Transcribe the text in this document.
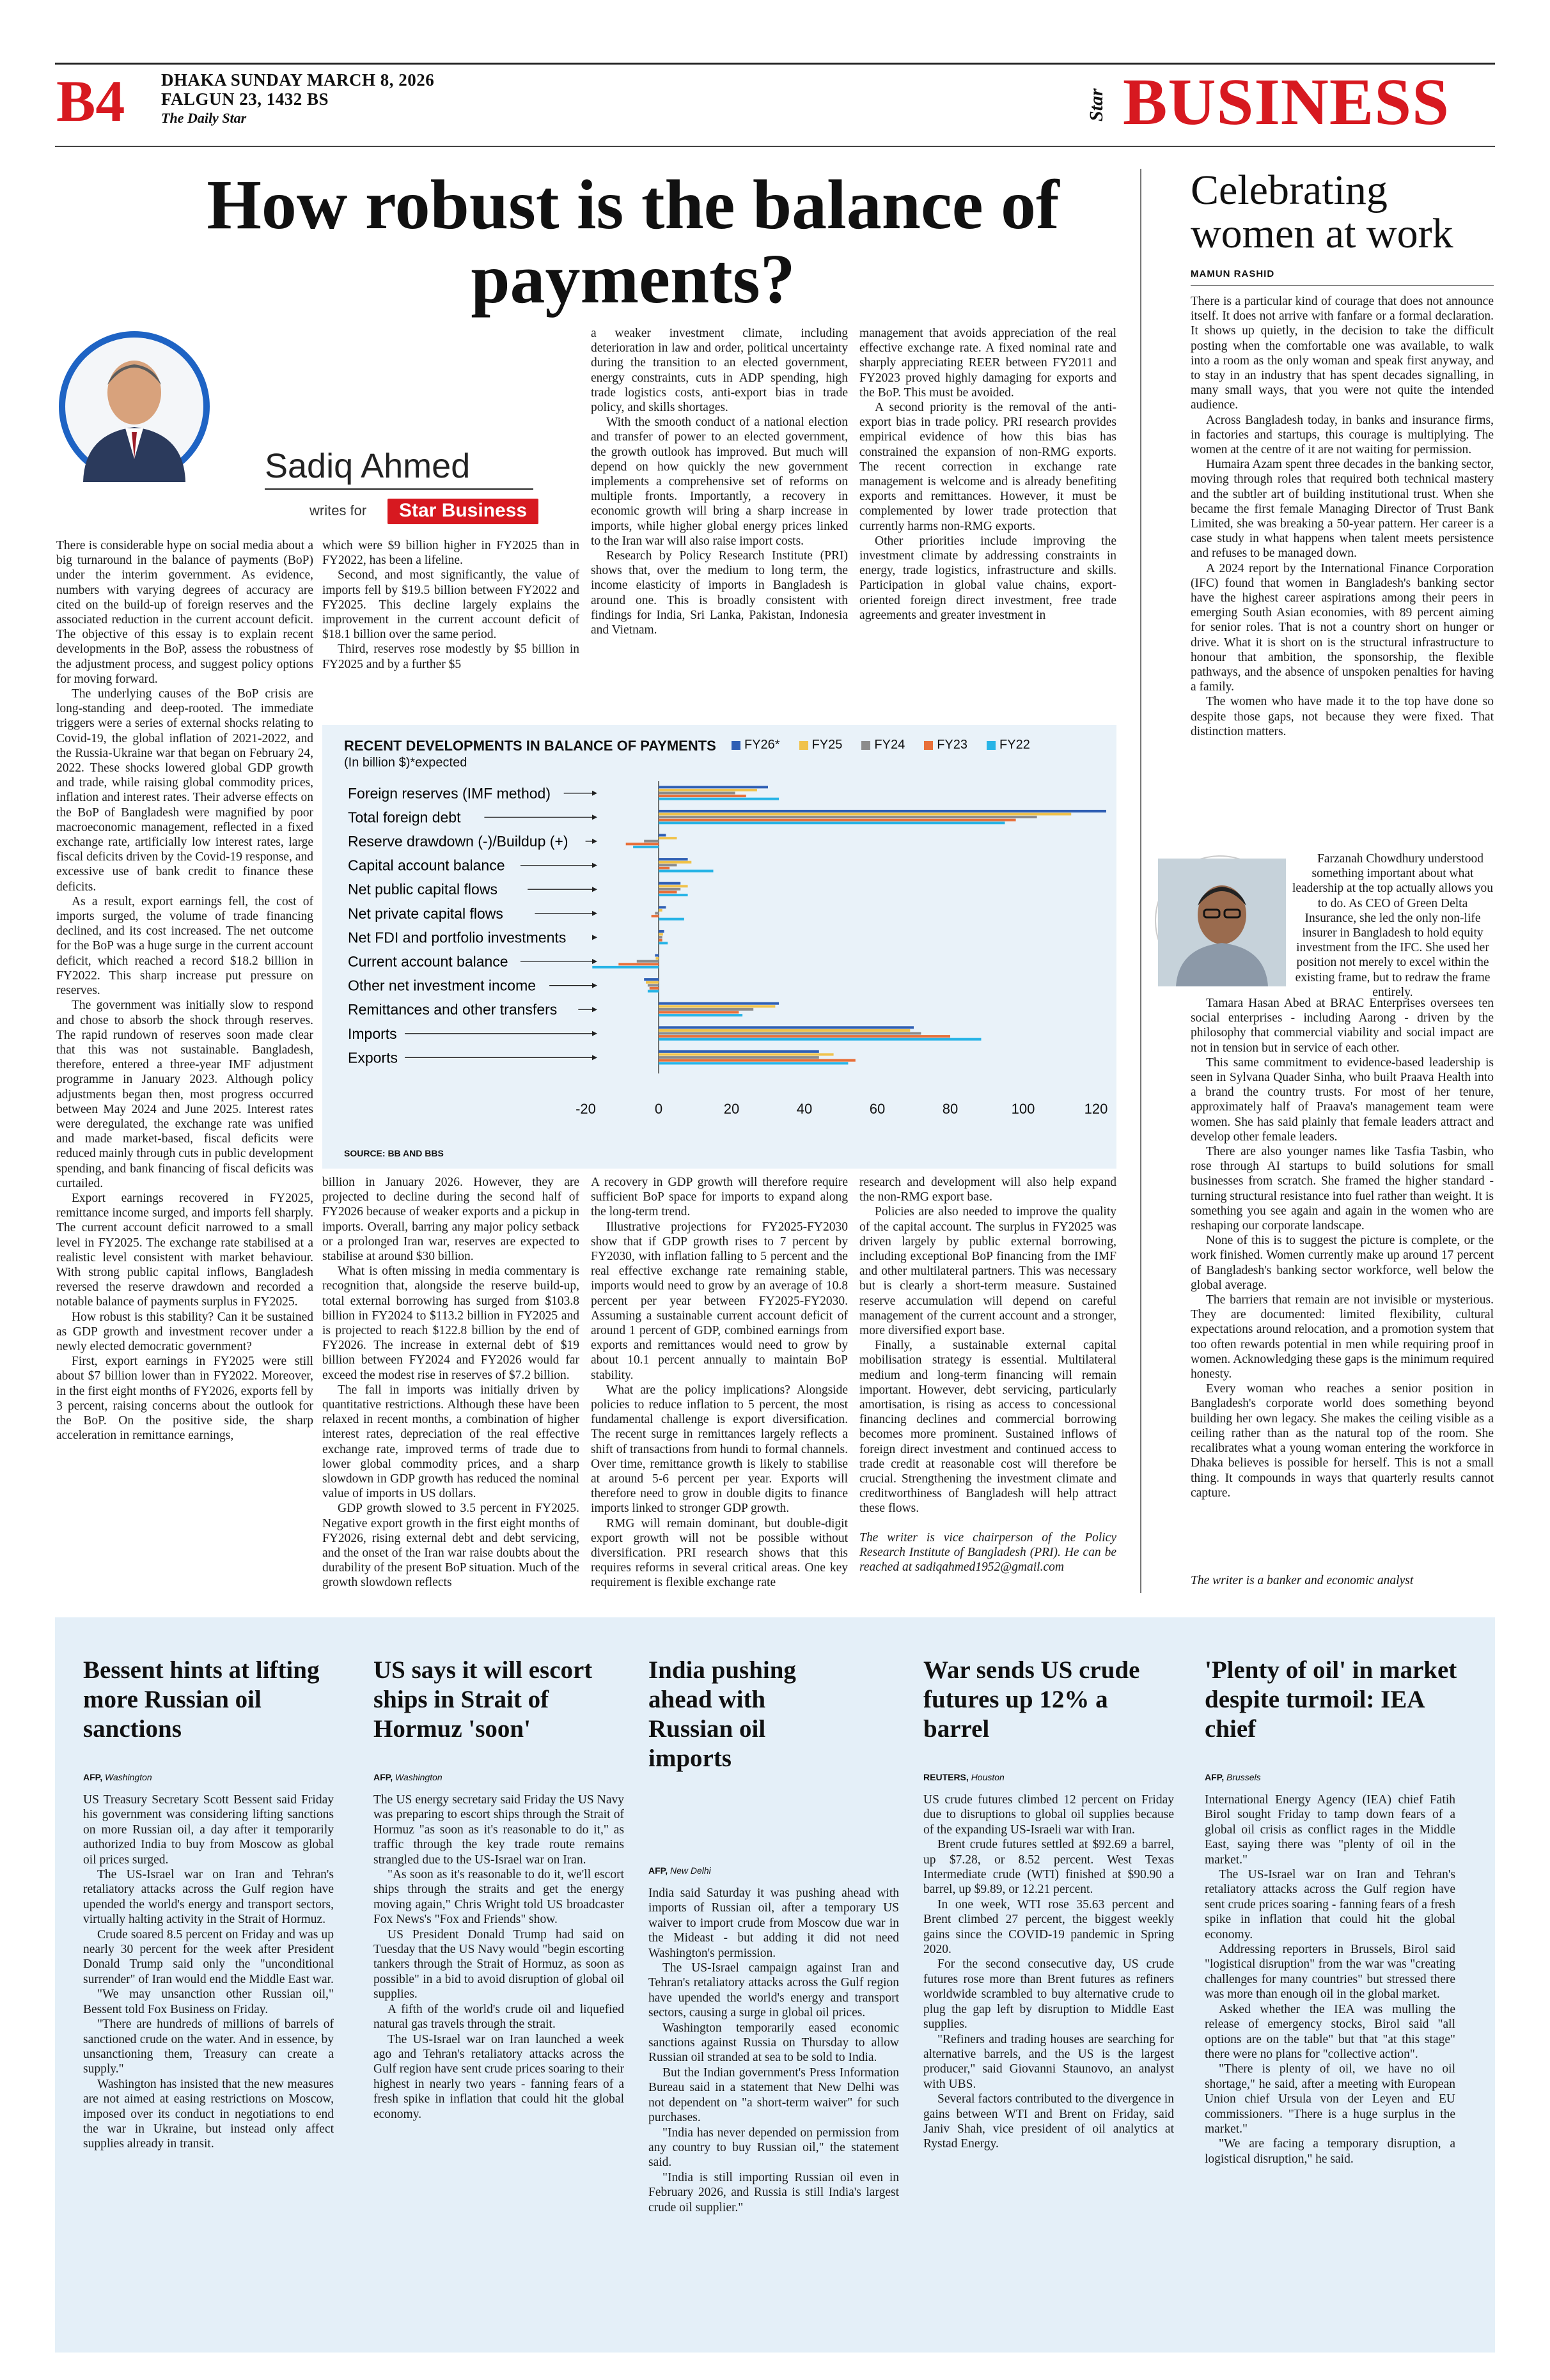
B4 DHAKA SUNDAY MARCH 8, 2026
FALGUN 23, 1432 BS
The Daily Star	Star BUSINESS
How robust is the balance of payments?
Sadiq Ahmed
writes for	Star Business

There is considerable hype on social media about a big turnaround in the balance of payments (BoP) under the interim government. As evidence, numbers with varying degrees of accuracy are cited on the build-up of foreign reserves and the associated reduction in the current account deficit. The objective of this essay is to explain recent developments in the BoP, assess the robustness of the adjustment process, and suggest policy options for moving forward.

The underlying causes of the BoP crisis are long-standing and deep-rooted. The immediate triggers were a series of external shocks relating to Covid-19, the global inflation of 2021-2022, and the Russia-Ukraine war that began on February 24, 2022. These shocks lowered global GDP growth and trade, while raising global commodity prices, inflation and interest rates. Their adverse effects on the BoP of Bangladesh were magnified by poor macroeconomic management, reflected in a fixed exchange rate, artificially low interest rates, large fiscal deficits driven by the Covid-19 response, and excessive use of bank credit to finance these deficits.

As a result, export earnings fell, the cost of imports surged, the volume of trade financing declined, and its cost increased. The net outcome for the BoP was a huge surge in the current account deficit, which reached a record $18.2 billion in FY2022. This sharp increase put pressure on reserves.

The government was initially slow to respond and chose to absorb the shock through reserves. The rapid rundown of reserves soon made clear that this was not sustainable. Bangladesh, therefore, entered a three-year IMF adjustment programme in January 2023. Although policy adjustments began then, most progress occurred between May 2024 and June 2025. Interest rates were deregulated, the exchange rate was unified and made market-based, fiscal deficits were reduced mainly through cuts in public development spending, and bank financing of fiscal deficits was curtailed.

Export earnings recovered in FY2025, remittance income surged, and imports fell sharply. The current account deficit narrowed to a small level in FY2025. The exchange rate stabilised at a realistic level consistent with market behaviour. With strong public capital inflows, Bangladesh reversed the reserve drawdown and recorded a notable balance of payments surplus in FY2025.

How robust is this stability? Can it be sustained as GDP growth and investment recover under a newly elected democratic government?

First, export earnings in FY2025 were still about $7 billion lower than in FY2022. Moreover, in the first eight months of FY2026, exports fell by 3 percent, raising concerns about the outlook for the BoP. On the positive side, the sharp acceleration in remittance earnings,

which were $9 billion higher in FY2025 than in FY2022, has been a lifeline.

Second, and most significantly, the value of imports fell by $19.5 billion between FY2022 and FY2025. This decline largely explains the improvement in the current account deficit of $18.1 billion over the same period.

Third, reserves rose modestly by $5 billion in FY2025 and by a further $5

a weaker investment climate, including deterioration in law and order, political uncertainty during the transition to an elected government, energy constraints, cuts in ADP spending, high trade logistics costs, anti-export bias in trade policy, and skills shortages.

With the smooth conduct of a national election and transfer of power to an elected government, the growth outlook has improved. But much will depend on how quickly the new government implements a comprehensive set of reforms on multiple fronts. Importantly, a recovery in economic growth will bring a sharp increase in imports, while higher global energy prices linked to the Iran war will also raise import costs.

Research by Policy Research Institute (PRI) shows that, over the medium to long term, the income elasticity of imports in Bangladesh is around one. This is broadly consistent with findings for India, Sri Lanka, Pakistan, Indonesia and Vietnam.

management that avoids appreciation of the real effective exchange rate. A fixed nominal rate and sharply appreciating REER between FY2011 and FY2023 proved highly damaging for exports and the BoP. This must be avoided.

A second priority is the removal of the anti-export bias in trade policy. PRI research provides empirical evidence of how this bias has constrained the expansion of non-RMG exports. The recent correction in exchange rate management is welcome and is already benefiting exports and remittances. However, it must be complemented by lower trade protection that currently harms non-RMG exports.

Other priorities include improving the investment climate by addressing constraints in energy, trade logistics, infrastructure and skills. Participation in global value chains, export-oriented foreign direct investment, free trade agreements and greater investment in

RECENT DEVELOPMENTS IN BALANCE OF PAYMENTS
(In billion $)*expected
FY26*	FY25	FY24	FY23	FY22
Foreign reserves (IMF method)
Total foreign debt
Reserve drawdown (-)/Buildup (+)
Capital account balance
Net public capital flows
Net private capital flows
Net FDI and portfolio investments
Current account balance
Other net investment income
Remittances and other transfers
Imports
Exports
-20	0	20	40	60	80	100	120
SOURCE: BB AND BBS

billion in January 2026. However, they are projected to decline during the second half of FY2026 because of weaker exports and a pickup in imports. Overall, barring any major policy setback or a prolonged Iran war, reserves are expected to stabilise at around $30 billion.

What is often missing in media commentary is recognition that, alongside the reserve build-up, total external borrowing has surged from $103.8 billion in FY2024 to $113.2 billion in FY2025 and is projected to reach $122.8 billion by the end of FY2026. The increase in external debt of $19 billion between FY2024 and FY2026 would far exceed the modest rise in reserves of $7.2 billion.

The fall in imports was initially driven by quantitative restrictions. Although these have been relaxed in recent months, a combination of higher interest rates, depreciation of the real effective exchange rate, improved terms of trade due to lower global commodity prices, and a sharp slowdown in GDP growth has reduced the nominal value of imports in US dollars.

GDP growth slowed to 3.5 percent in FY2025. Negative export growth in the first eight months of FY2026, rising external debt and debt servicing, and the onset of the Iran war raise doubts about the durability of the present BoP situation. Much of the growth slowdown reflects

A recovery in GDP growth will therefore require sufficient BoP space for imports to expand along the long-term trend.

Illustrative projections for FY2025-FY2030 show that if GDP growth rises to 7 percent by FY2030, with inflation falling to 5 percent and the real effective exchange rate remaining stable, imports would need to grow by an average of 10.8 percent per year between FY2025-FY2030. Assuming a sustainable current account deficit of around 1 percent of GDP, combined earnings from exports and remittances would need to grow by about 10.1 percent annually to maintain BoP stability.

What are the policy implications? Alongside policies to reduce inflation to 5 percent, the most fundamental challenge is export diversification. The recent surge in remittances largely reflects a shift of transactions from hundi to formal channels. Over time, remittance growth is likely to stabilise at around 5-6 percent per year. Exports will therefore need to grow in double digits to finance imports linked to stronger GDP growth.

RMG will remain dominant, but double-digit export growth will not be possible without diversification. PRI research shows that this requires reforms in several critical areas. One key requirement is flexible exchange rate

research and development will also help expand the non-RMG export base.

Policies are also needed to improve the quality of the capital account. The surplus in FY2025 was driven largely by public external borrowing, including exceptional BoP financing from the IMF and other multilateral partners. This was necessary but is clearly a short-term measure. Sustained reserve accumulation will depend on careful management of the current account and a stronger, more diversified export base.

Finally, a sustainable external capital mobilisation strategy is essential. Multilateral medium and long-term financing will remain important. However, debt servicing, particularly amortisation, is rising as access to concessional financing declines and commercial borrowing becomes more prominent. Sustained inflows of foreign direct investment and continued access to trade credit at reasonable cost will therefore be crucial. Strengthening the investment climate and creditworthiness of Bangladesh will help attract these flows.

The writer is vice chairperson of the Policy Research Institute of Bangladesh (PRI). He can be reached at sadiqahmed1952@gmail.com

Celebrating women at work
MAMUN RASHID

There is a particular kind of courage that does not announce itself. It does not arrive with fanfare or a formal declaration. It shows up quietly, in the decision to take the difficult posting when the comfortable one was available, to walk into a room as the only woman and speak first anyway, and to stay in an industry that has spent decades signalling, in many small ways, that you were not quite the intended audience.

Across Bangladesh today, in banks and insurance firms, in factories and startups, this courage is multiplying. The women at the centre of it are not waiting for permission.

Humaira Azam spent three decades in the banking sector, moving through roles that required both technical mastery and the subtler art of building institutional trust. When she became the first female Managing Director of Trust Bank Limited, she was breaking a 50-year pattern. Her career is a case study in what happens when talent meets persistence and refuses to be managed down.

A 2024 report by the International Finance Corporation (IFC) found that women in Bangladesh's banking sector have the highest career aspirations among their peers in emerging South Asian economies, with 89 percent aiming for senior roles. That is not a country short on hunger or drive. What it is short on is the structural infrastructure to honour that ambition, the sponsorship, the flexible pathways, and the absence of unspoken penalties for having a family.

The women who have made it to the top have done so despite those gaps, not because they were fixed. That distinction matters.

Farzanah Chowdhury understood something important about what leadership at the top actually allows you to do. As CEO of Green Delta Insurance, she led the only non-life insurer in Bangladesh to hold equity investment from the IFC. She used her position not merely to excel within the existing frame, but to redraw the frame entirely.

Tamara Hasan Abed at BRAC Enterprises oversees ten social enterprises - including Aarong - driven by the philosophy that commercial viability and social impact are not in tension but in service of each other.

This same commitment to evidence-based leadership is seen in Sylvana Quader Sinha, who built Praava Health into a brand the country trusts. For most of her tenure, approximately half of Praava's management team were women. She has said plainly that female leaders attract and develop other female leaders.

There are also younger names like Tasfia Tasbin, who rose through AI startups to build solutions for small businesses from scratch. She framed the higher standard - turning structural resistance into fuel rather than weight. It is something you see again and again in the women who are reshaping our corporate landscape.

None of this is to suggest the picture is complete, or the work finished. Women currently make up around 17 percent of Bangladesh's banking sector workforce, well below the global average.

The barriers that remain are not invisible or mysterious. They are documented: limited flexibility, cultural expectations around relocation, and a promotion system that too often rewards potential in men while requiring proof in women. Acknowledging these gaps is the minimum required honesty.

Every woman who reaches a senior position in Bangladesh's corporate world does something beyond building her own legacy. She makes the ceiling visible as a ceiling rather than as the natural top of the room. She recalibrates what a young woman entering the workforce in Dhaka believes is possible for herself. This is not a small thing. It compounds in ways that quarterly results cannot capture.

The writer is a banker and economic analyst
Bessent hints at lifting more Russian oil sanctions
AFP, Washington

US Treasury Secretary Scott Bessent said Friday his government was considering lifting sanctions on more Russian oil, a day after it temporarily authorized India to buy from Moscow as global oil prices surged.

The US-Israel war on Iran and Tehran's retaliatory attacks across the Gulf region have upended the world's energy and transport sectors, virtually halting activity in the Strait of Hormuz.

Crude soared 8.5 percent on Friday and was up nearly 30 percent for the week after President Donald Trump said only the "unconditional surrender" of Iran would end the Middle East war.

"We may unsanction other Russian oil," Bessent told Fox Business on Friday.

"There are hundreds of millions of barrels of sanctioned crude on the water. And in essence, by unsanctioning them, Treasury can create a supply."

Washington has insisted that the new measures are not aimed at easing restrictions on Moscow, imposed over its conduct in negotiations to end the war in Ukraine, but instead only affect supplies already in transit.

US says it will escort ships in Strait of Hormuz 'soon'
AFP, Washington

The US energy secretary said Friday the US Navy was preparing to escort ships through the Strait of Hormuz "as soon as it's reasonable to do it," as traffic through the key trade route remains strangled due to the US-Israel war on Iran.

"As soon as it's reasonable to do it, we'll escort ships through the straits and get the energy moving again," Chris Wright told US broadcaster Fox News's "Fox and Friends" show.

US President Donald Trump had said on Tuesday that the US Navy would "begin escorting tankers through the Strait of Hormuz, as soon as possible" in a bid to avoid disruption of global oil supplies.

A fifth of the world's crude oil and liquefied natural gas travels through the strait.

The US-Israel war on Iran launched a week ago and Tehran's retaliatory attacks across the Gulf region have sent crude prices soaring to their highest in nearly two years - fanning fears of a fresh spike in inflation that could hit the global economy.

India pushing ahead with Russian oil imports
AFP, New Delhi

India said Saturday it was pushing ahead with imports of Russian oil, after a temporary US waiver to import crude from Moscow due war in the Mideast - but adding it did not need Washington's permission.

The US-Israel campaign against Iran and Tehran's retaliatory attacks across the Gulf region have upended the world's energy and transport sectors, causing a surge in global oil prices.

Washington temporarily eased economic sanctions against Russia on Thursday to allow Russian oil stranded at sea to be sold to India.

But the Indian government's Press Information Bureau said in a statement that New Delhi was not dependent on "a short-term waiver" for such purchases.

"India has never depended on permission from any country to buy Russian oil," the statement said.

"India is still importing Russian oil even in February 2026, and Russia is still India's largest crude oil supplier."

War sends US crude futures up 12% a barrel
REUTERS, Houston

US crude futures climbed 12 percent on Friday due to disruptions to global oil supplies because of the expanding US-Israeli war with Iran.

Brent crude futures settled at $92.69 a barrel, up $7.28, or 8.52 percent. West Texas Intermediate crude (WTI) finished at $90.90 a barrel, up $9.89, or 12.21 percent.

In one week, WTI rose 35.63 percent and Brent climbed 27 percent, the biggest weekly gains since the COVID-19 pandemic in Spring 2020.

For the second consecutive day, US crude futures rose more than Brent futures as refiners worldwide scrambled to buy alternative crude to plug the gap left by disruption to Middle East supplies.

"Refiners and trading houses are searching for alternative barrels, and the US is the largest producer," said Giovanni Staunovo, an analyst with UBS.

Several factors contributed to the divergence in gains between WTI and Brent on Friday, said Janiv Shah, vice president of oil analytics at Rystad Energy.

'Plenty of oil' in market despite turmoil: IEA chief
AFP, Brussels

International Energy Agency (IEA) chief Fatih Birol sought Friday to tamp down fears of a global oil crisis as conflict rages in the Middle East, saying there was "plenty of oil in the market."

The US-Israel war on Iran and Tehran's retaliatory attacks across the Gulf region have sent crude prices soaring - fanning fears of a fresh spike in inflation that could hit the global economy.

Addressing reporters in Brussels, Birol said "logistical disruption" from the war was "creating challenges for many countries" but stressed there was more than enough oil in the global market.

Asked whether the IEA was mulling the release of emergency stocks, Birol said "all options are on the table" but that "at this stage" there were no plans for "collective action".

"There is plenty of oil, we have no oil shortage," he said, after a meeting with European Union chief Ursula von der Leyen and EU commissioners. "There is a huge surplus in the market."

"We are facing a temporary disruption, a logistical disruption," he said.
